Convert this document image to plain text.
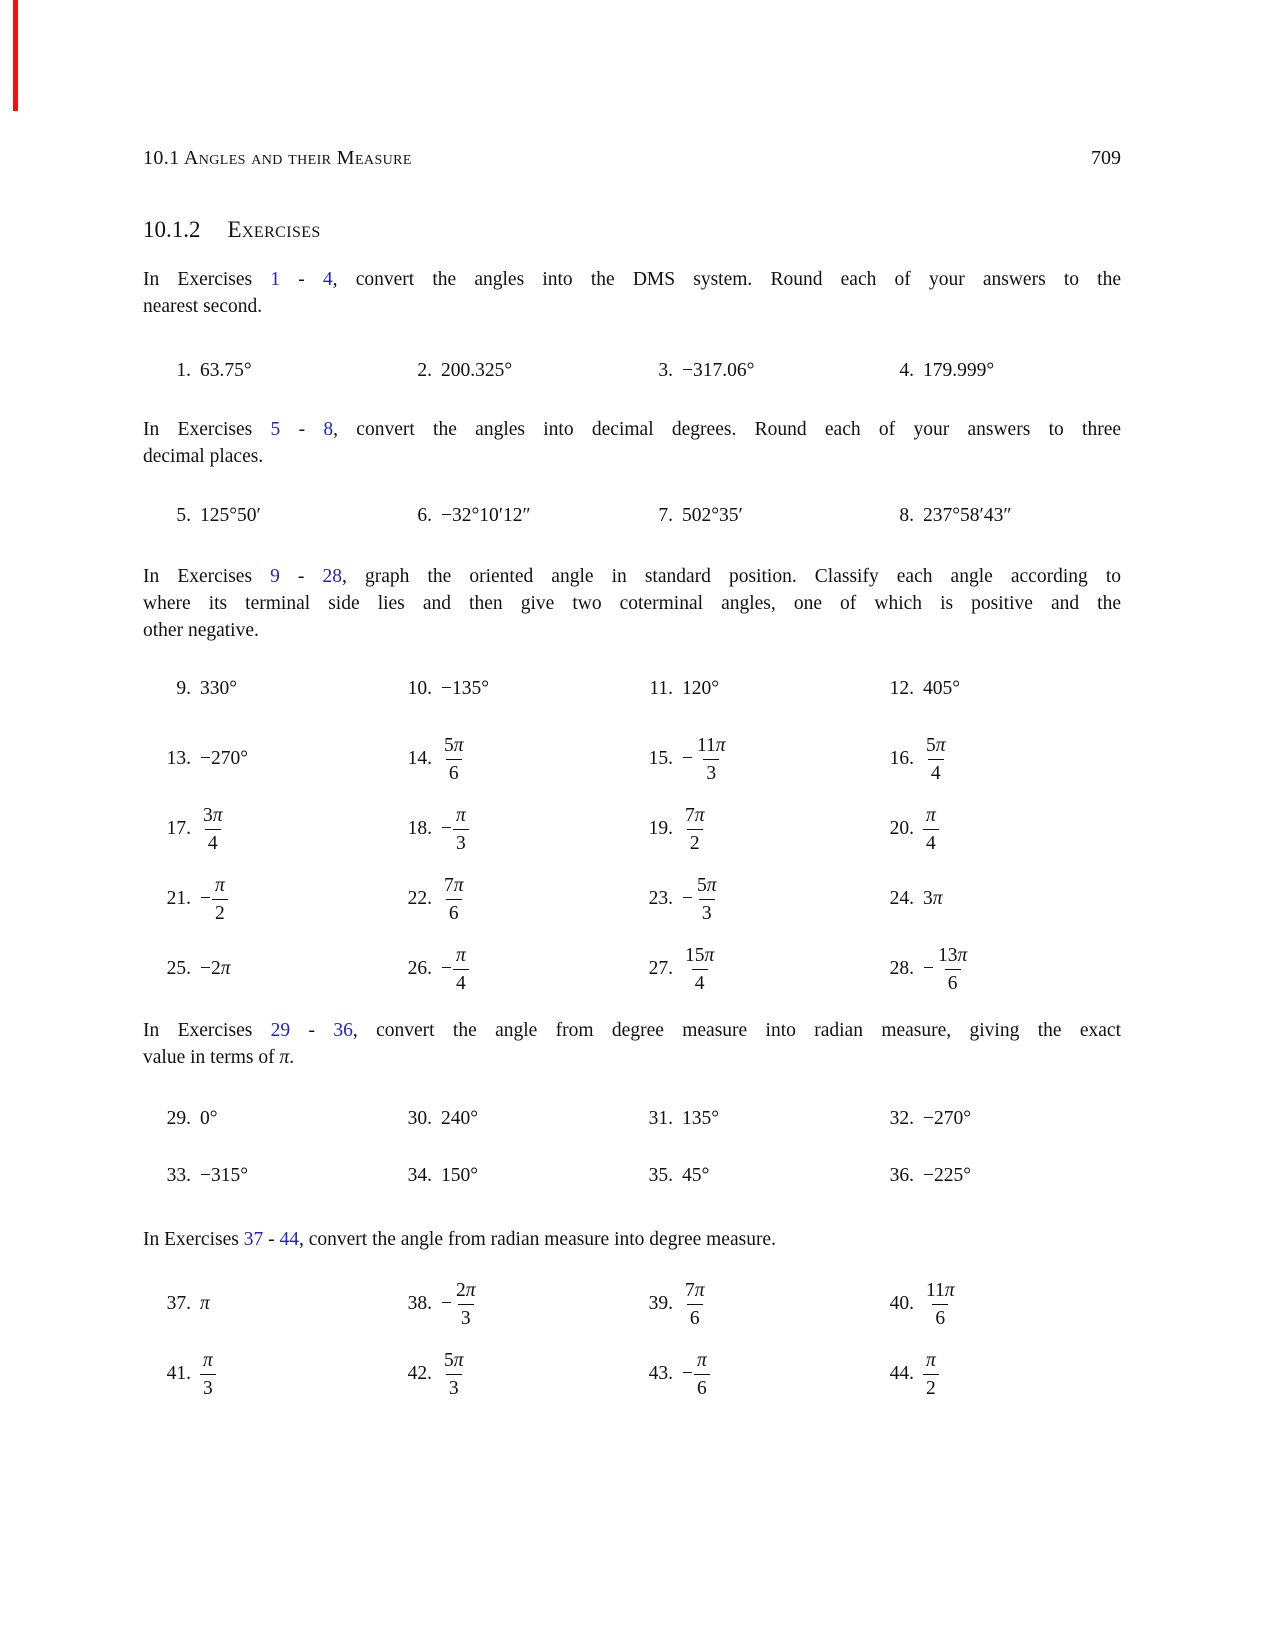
10.1 Angles and their Measure	709
10.1.2 Exercises
In Exercises 1 - 4, convert the angles into the DMS system. Round each of your answers to the
nearest second.
1. 63.75°	2. 200.325°	3. −317.06°	4. 179.999°
In Exercises 5 - 8, convert the angles into decimal degrees. Round each of your answers to three
decimal places.
5. 125°50′	6. −32°10′12″	7. 502°35′	8. 237°58′43″
In Exercises 9 - 28, graph the oriented angle in standard position. Classify each angle according to
where its terminal side lies and then give two coterminal angles, one of which is positive and the
other negative.
9. 330°	10. −135°	11. 120°	12. 405°
13. −270°	14. $\frac{5\pi}{6}$	15. − $\frac{11\pi}{3}$	16. $\frac{5\pi}{4}$
17. $\frac{3\pi}{4}$	18. − $\frac{\pi}{3}$	19. $\frac{7\pi}{2}$	20. $\frac{\pi}{4}$
21. − $\frac{\pi}{2}$	22. $\frac{7\pi}{6}$	23. − $\frac{5\pi}{3}$	24. 3 π
25. −2 π	26. − $\frac{\pi}{4}$	27. $\frac{15\pi}{4}$	28. − $\frac{13\pi}{6}$
In Exercises 29 - 36, convert the angle from degree measure into radian measure, giving the exact
value in terms of π.
29. 0°	30. 240°	31. 135°	32. −270°
33. −315°	34. 150°	35. 45°	36. −225°
In Exercises 37 - 44, convert the angle from radian measure into degree measure.
37. π	38. − $\frac{2\pi}{3}$	39. $\frac{7\pi}{6}$	40. $\frac{11\pi}{6}$
41. $\frac{\pi}{3}$	42. $\frac{5\pi}{3}$	43. − $\frac{\pi}{6}$	44. $\frac{\pi}{2}$
